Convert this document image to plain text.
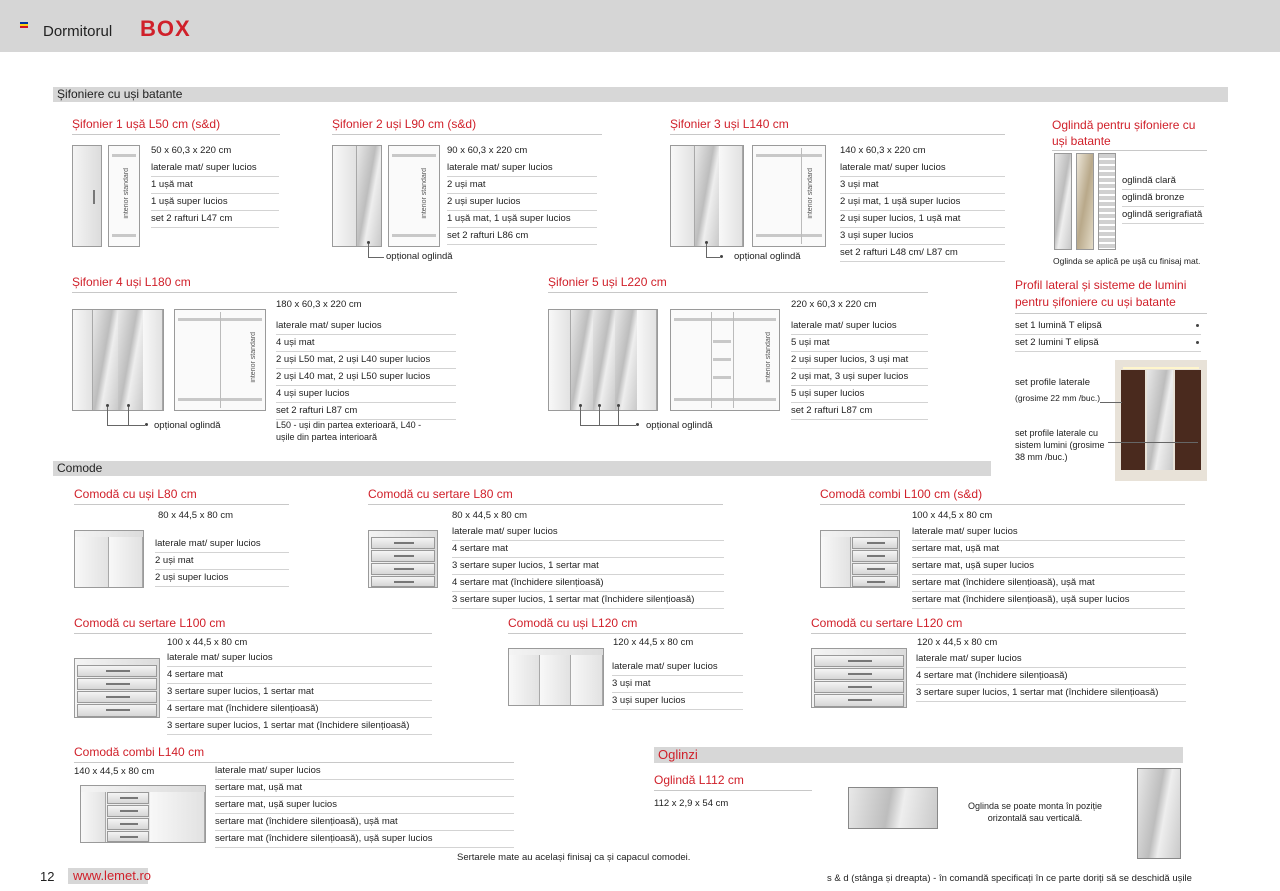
Dormitorul BOX
Șifoniere cu uși batante
Șifonier 1 ușă L50 cm (s&d)
interior standard
50 x 60,3 x 220 cm
laterale mat/ super lucios
1 ușă mat
1 ușă super lucios
set 2 rafturi L47 cm
Șifonier 2 uși L90 cm (s&d)
interior standard
opțional oglindă
90 x 60,3 x 220 cm
laterale mat/ super lucios
2 uși mat
2 uși super lucios
1 ușă mat, 1 ușă super lucios
set 2 rafturi L86 cm
Șifonier 3 uși L140 cm
interior standard
opțional oglindă
140 x 60,3 x 220 cm
laterale mat/ super lucios
3 uși mat
2 uși mat, 1 ușă super lucios
2 uși super lucios, 1 ușă mat
3 uși super lucios
set 2 rafturi L48 cm/ L87 cm
Oglindă pentru șifoniere cu
uși batante
oglindă clară
oglindă bronze
oglindă serigrafiată
Oglinda se aplică pe ușă cu finisaj mat.
Șifonier 4 uși L180 cm
interior standard
opțional oglindă
180 x 60,3 x 220 cm
laterale mat/ super lucios
4 uși mat
2 uși L50 mat, 2 uși L40 super lucios
2 uși L40 mat, 2 uși L50 super lucios
4 uși super lucios
set 2 rafturi L87 cm
L50 - uși din partea exterioară, L40 -
ușile din partea interioară
Șifonier 5 uși L220 cm
interior standard
opțional oglindă
220 x 60,3 x 220 cm
laterale mat/ super lucios
5 uși mat
2 uși super lucios, 3 uși mat
2 uși mat, 3 uși super lucios
5 uși super lucios
set 2 rafturi L87 cm
Profil lateral și sisteme de lumini
pentru șifoniere cu uși batante
set 1 lumină T elipsă
set 2 lumini T elipsă
set profile laterale
(grosime 22 mm /buc.)
set profile laterale cu
sistem lumini (grosime
38 mm /buc.)
Comode
Comodă cu uși L80 cm
80 x 44,5 x 80 cm
laterale mat/ super lucios
2 uși mat
2 uși super lucios
Comodă cu sertare L80 cm
80 x 44,5 x 80 cm
laterale mat/ super lucios
4 sertare mat
3 sertare super lucios, 1 sertar mat
4 sertare mat (închidere silențioasă)
3 sertare super lucios, 1 sertar mat (închidere silențioasă)
Comodă combi L100 cm (s&d)
100 x 44,5 x 80 cm
laterale mat/ super lucios
sertare mat, ușă mat
sertare mat, ușă super lucios
sertare mat (închidere silențioasă), ușă mat
sertare mat (închidere silențioasă), ușă super lucios
Comodă cu sertare L100 cm
100 x 44,5 x 80 cm
laterale mat/ super lucios
4 sertare mat
3 sertare super lucios, 1 sertar mat
4 sertare mat (închidere silențioasă)
3 sertare super lucios, 1 sertar mat (închidere silențioasă)
Comodă cu uși L120 cm
120 x 44,5 x 80 cm
laterale mat/ super lucios
3 uși mat
3 uși super lucios
Comodă cu sertare L120 cm
120 x 44,5 x 80 cm
laterale mat/ super lucios
4 sertare mat (închidere silențioasă)
3 sertare super lucios, 1 sertar mat (închidere silențioasă)
Comodă combi L140 cm
140 x 44,5 x 80 cm	laterale mat/ super lucios
sertare mat, ușă mat
sertare mat, ușă super lucios
sertare mat (închidere silențioasă), ușă mat
sertare mat (închidere silențioasă), ușă super lucios
Oglinzi
Oglindă L112 cm
112 x 2,9 x 54 cm	Oglinda se poate monta în poziție
orizontală sau verticală.
Sertarele mate au același finisaj ca și capacul comodei.
12	www.lemet.ro	s & d (stânga și dreapta) - în comandă specificați în ce parte doriți să se deschidă ușile
